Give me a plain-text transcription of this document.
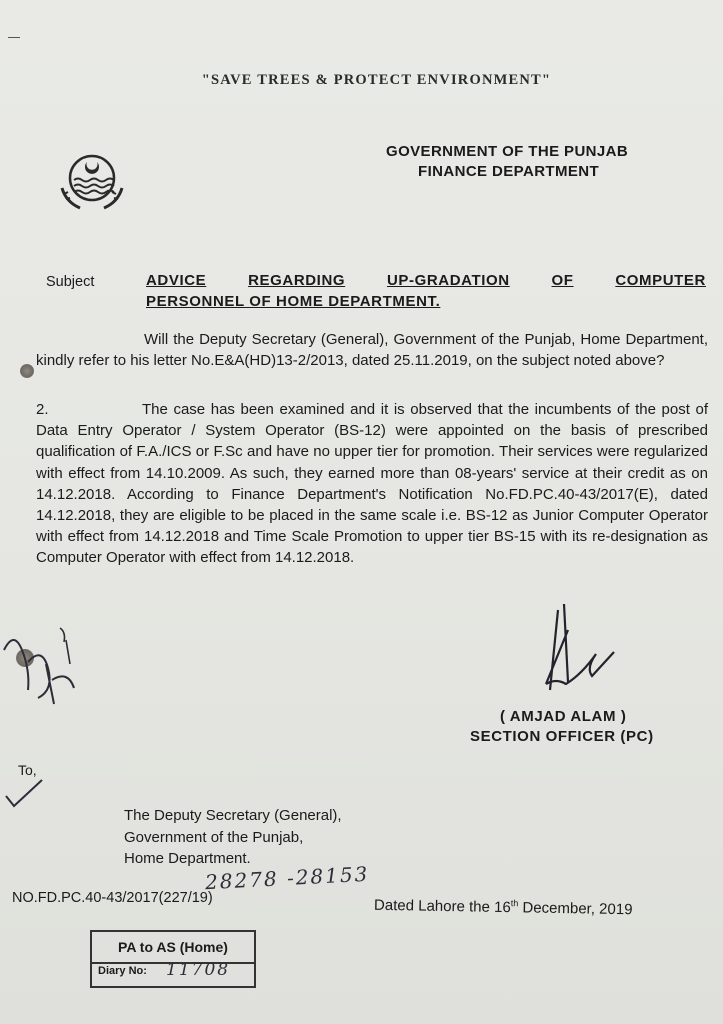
"SAVE TREES & PROTECT ENVIRONMENT"
GOVERNMENT OF THE PUNJAB
FINANCE DEPARTMENT
Subject	ADVICE	REGARDING	UP-GRADATION	OF	COMPUTER
PERSONNEL OF HOME DEPARTMENT.
Will the Deputy Secretary (General), Government of the Punjab, Home Department, kindly refer to his letter No.E&A(HD)13-2/2013, dated 25.11.2019, on the subject noted above?
2.	The case has been examined and it is observed that the incumbents of the post of Data Entry Operator / System Operator (BS-12) were appointed on the basis of prescribed qualification of F.A./ICS or F.Sc and have no upper tier for promotion. Their services were regularized with effect from 14.10.2009. As such, they earned more than 08-years' service at their credit as on 14.12.2018. According to Finance Department's Notification No.FD.PC.40-43/2017(E), dated 14.12.2018, they are eligible to be placed in the same scale i.e. BS-12 as Junior Computer Operator with effect from 14.12.2018 and Time Scale Promotion to upper tier BS-15 with its re-designation as Computer Operator with effect from 14.12.2018.
( AMJAD ALAM )
SECTION OFFICER (PC)
To,
The Deputy Secretary (General),
Government of the Punjab,
Home Department.
28278 -28153
NO.FD.PC.40-43/2017(227/19)	Dated Lahore the 16th December, 2019
PA to AS (Home)
Diary No: 11708
